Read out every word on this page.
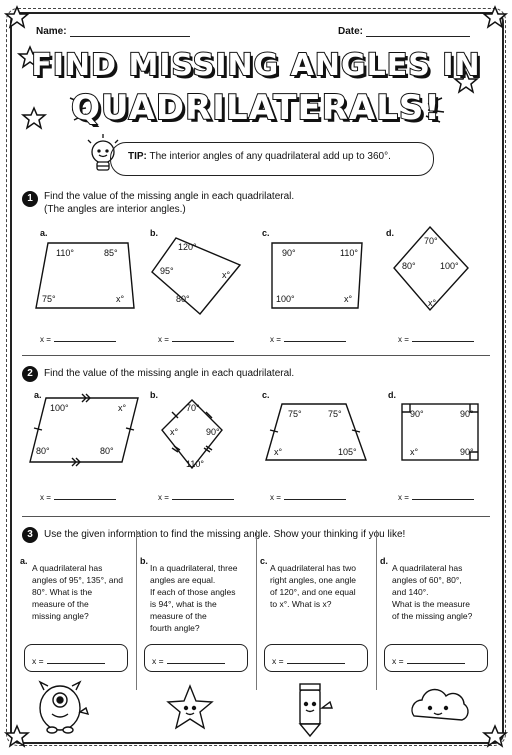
Name:	Date:
FIND MISSING ANGLES IN
QUADRILATERALS!
TIP: The interior angles of any quadrilateral add up to 360°.
1	Find the value of the missing angle in each quadrilateral.
(The angles are interior angles.)
a.	b.	c.	d.
110°	85°
75°	x°
120°
95°	x°
80°
90°	110°
100°	x°
70°
80°	100°
x°
x =	x =	x =	x =
2	Find the value of the missing angle in each quadrilateral.
a.	b.	c.	d.
100°	x°
80°	80°
70°
x°	90°
110°
75°	75°
x°	105°
90°	90°
x°	90°
x =	x =	x =	x =
3	Use the given information to find the missing angle. Show your thinking if you like!
a.	b.	c.	d.
A quadrilateral has
angles of 95°, 135°, and
80°. What is the
measure of the
missing angle?
In a quadrilateral, three
angles are equal.
If each of those angles
is 94°, what is the
measure of the
fourth angle?
A quadrilateral has two
right angles, one angle
of 120°, and one equal
to x°. What is x?
A quadrilateral has
angles of 60°, 80°,
and 140°.
What is the measure
of the missing angle?
x =	x =	x =	x =
